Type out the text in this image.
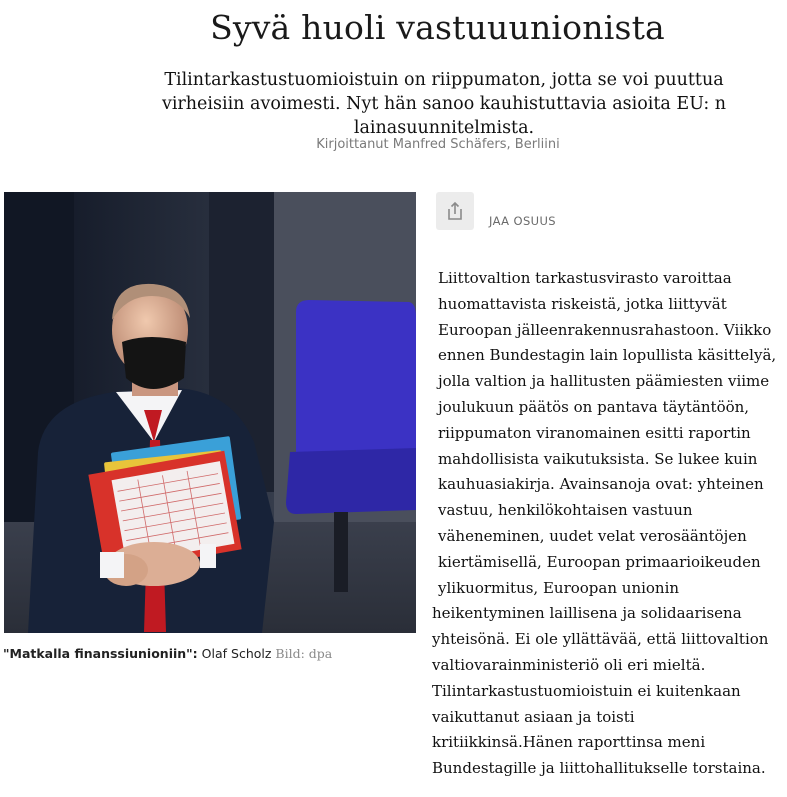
Syvä huoli vastuuunionista

Tilintarkastustuomioistuin on riippumaton, jotta se voi puuttua virheisiin avoimesti. Nyt hän sanoo kauhistuttavia asioita EU: n lainasuunnitelmista.

Kirjoittanut Manfred Schäfers, Berliini
"Matkalla finanssiunioniin": Olaf Scholz Bild: dpa
JAA OSUUS
Liittovaltion tarkastusvirasto varoittaa
huomattavista riskeistä, jotka liittyvät
Euroopan jälleenrakennusrahastoon. Viikko
ennen Bundestagin lain lopullista käsittelyä,
jolla valtion ja hallitusten päämiesten viime
joulukuun päätös on pantava täytäntöön,
riippumaton viranomainen esitti raportin
mahdollisista vaikutuksista. Se lukee kuin
kauhuasiakirja. Avainsanoja ovat: yhteinen
vastuu, henkilökohtaisen vastuun
väheneminen, uudet velat verosääntöjen
kiertämisellä, Euroopan primaarioikeuden
ylikuormitus, Euroopan unionin
heikentyminen laillisena ja solidaarisena
yhteisönä. Ei ole yllättävää, että liittovaltion
valtiovarainministeriö oli eri mieltä.
Tilintarkastustuomioistuin ei kuitenkaan
vaikuttanut asiaan ja toisti
kritiikkinsä.Hänen raporttinsa meni
Bundestagille ja liittohallitukselle torstaina.
